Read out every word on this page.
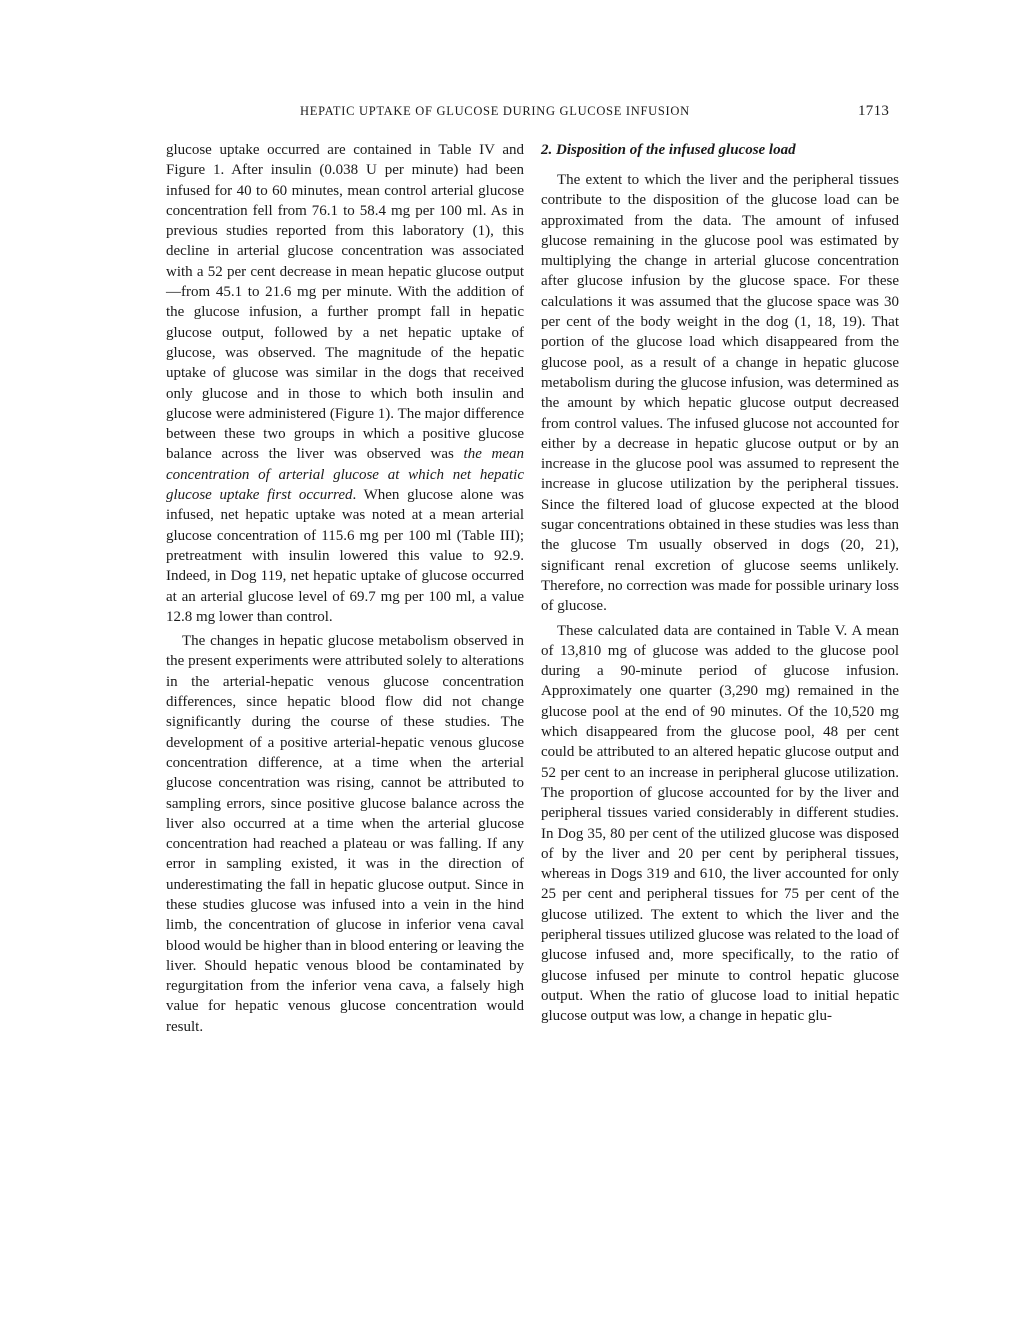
HEPATIC UPTAKE OF GLUCOSE DURING GLUCOSE INFUSION	1713

glucose uptake occurred are contained in Table IV and Figure 1. After insulin (0.038 U per minute) had been infused for 40 to 60 minutes, mean control arterial glucose concentration fell from 76.1 to 58.4 mg per 100 ml. As in previous studies reported from this laboratory (1), this decline in arterial glucose concentration was associated with a 52 per cent decrease in mean hepatic glucose output—from 45.1 to 21.6 mg per minute. With the addition of the glucose infusion, a further prompt fall in hepatic glucose output, followed by a net hepatic uptake of glucose, was observed. The magnitude of the hepatic uptake of glucose was similar in the dogs that received only glucose and in those to which both insulin and glucose were administered (Figure 1). The major difference between these two groups in which a positive glucose balance across the liver was observed was the mean concentration of arterial glucose at which net hepatic glucose uptake first occurred. When glucose alone was infused, net hepatic uptake was noted at a mean arterial glucose concentration of 115.6 mg per 100 ml (Table III); pretreatment with insulin lowered this value to 92.9. Indeed, in Dog 119, net hepatic uptake of glucose occurred at an arterial glucose level of 69.7 mg per 100 ml, a value 12.8 mg lower than control.

The changes in hepatic glucose metabolism observed in the present experiments were attributed solely to alterations in the arterial-hepatic venous glucose concentration differences, since hepatic blood flow did not change significantly during the course of these studies. The development of a positive arterial-hepatic venous glucose concentration difference, at a time when the arterial glucose concentration was rising, cannot be attributed to sampling errors, since positive glucose balance across the liver also occurred at a time when the arterial glucose concentration had reached a plateau or was falling. If any error in sampling existed, it was in the direction of underestimating the fall in hepatic glucose output. Since in these studies glucose was infused into a vein in the hind limb, the concentration of glucose in inferior vena caval blood would be higher than in blood entering or leaving the liver. Should hepatic venous blood be contaminated by regurgitation from the inferior vena cava, a falsely high value for hepatic venous glucose concentration would result.

2. Disposition of the infused glucose load

The extent to which the liver and the peripheral tissues contribute to the disposition of the glucose load can be approximated from the data. The amount of infused glucose remaining in the glucose pool was estimated by multiplying the change in arterial glucose concentration after glucose infusion by the glucose space. For these calculations it was assumed that the glucose space was 30 per cent of the body weight in the dog (1, 18, 19). That portion of the glucose load which disappeared from the glucose pool, as a result of a change in hepatic glucose metabolism during the glucose infusion, was determined as the amount by which hepatic glucose output decreased from control values. The infused glucose not accounted for either by a decrease in hepatic glucose output or by an increase in the glucose pool was assumed to represent the increase in glucose utilization by the peripheral tissues. Since the filtered load of glucose expected at the blood sugar concentrations obtained in these studies was less than the glucose Tm usually observed in dogs (20, 21), significant renal excretion of glucose seems unlikely. Therefore, no correction was made for possible urinary loss of glucose.

These calculated data are contained in Table V. A mean of 13,810 mg of glucose was added to the glucose pool during a 90-minute period of glucose infusion. Approximately one quarter (3,290 mg) remained in the glucose pool at the end of 90 minutes. Of the 10,520 mg which disappeared from the glucose pool, 48 per cent could be attributed to an altered hepatic glucose output and 52 per cent to an increase in peripheral glucose utilization. The proportion of glucose accounted for by the liver and peripheral tissues varied considerably in different studies. In Dog 35, 80 per cent of the utilized glucose was disposed of by the liver and 20 per cent by peripheral tissues, whereas in Dogs 319 and 610, the liver accounted for only 25 per cent and peripheral tissues for 75 per cent of the glucose utilized. The extent to which the liver and the peripheral tissues utilized glucose was related to the load of glucose infused and, more specifically, to the ratio of glucose infused per minute to control hepatic glucose output. When the ratio of glucose load to initial hepatic glucose output was low, a change in hepatic glu-
